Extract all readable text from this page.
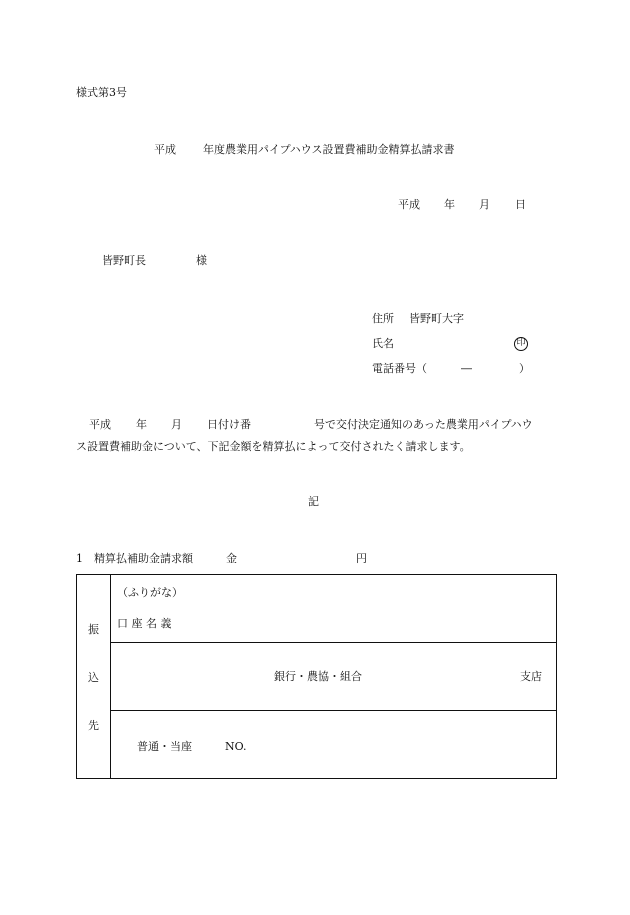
様式第3号
平成 年度農業用パイプハウス設置費補助金精算払請求書
平成 年 月 日
皆野町長	様
住所 皆野町大字
氏名	印
電話番号（	―	）
平成 年 月 日付け番	号で交付決定通知のあった農業用パイプハウ
ス設置費補助金について、下記金額を精算払によって交付されたく請求します。
記
1 精算払補助金請求額	金	円
振
込
先
（ふりがな）
口 座 名 義
銀行・農協・組合	支店
普通・当座	NO.
